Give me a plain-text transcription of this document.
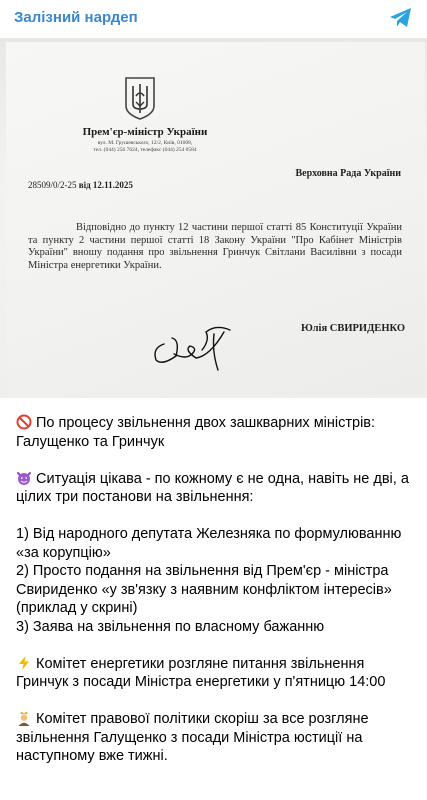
Залізний нардеп
Прем'єр-міністр України
вул. М. Грушевського, 12/2, Київ, 01008,
тел. (044) 256 7624, телефакс (044) 254 0584
Верховна Рада України
28509/0/2-25 від 12.11.2025
Відповідно до пункту 12 частини першої статті 85 Конституції України та пункту 2 частини першої статті 18 Закону України "Про Кабінет Міністрів України" вношу подання про звільнення Гринчук Світлани Василівни з посади Міністра енергетики України.
Юлія СВИРИДЕНКО

По процесу звільнення двох зашкварних міністрів: Галущенко та Гринчук

Ситуація цікава - по кожному є не одна, навіть не дві, а цілих три постанови на звільнення:

1) Від народного депутата Железняка по формулюванню «за корупцію»
2) Просто подання на звільнення від Прем'єр - міністра Свириденко «у зв'язку з наявним конфліктом інтересів» (приклад у скрині)
3) Заява на звільнення по власному бажанню

Комітет енергетики розгляне питання звільнення Гринчук з посади Міністра енергетики у п'ятницю 14:00

Комітет правової політики скоріш за все розгляне звільнення Галущенко з посади Міністра юстиції на наступному вже тижні.
